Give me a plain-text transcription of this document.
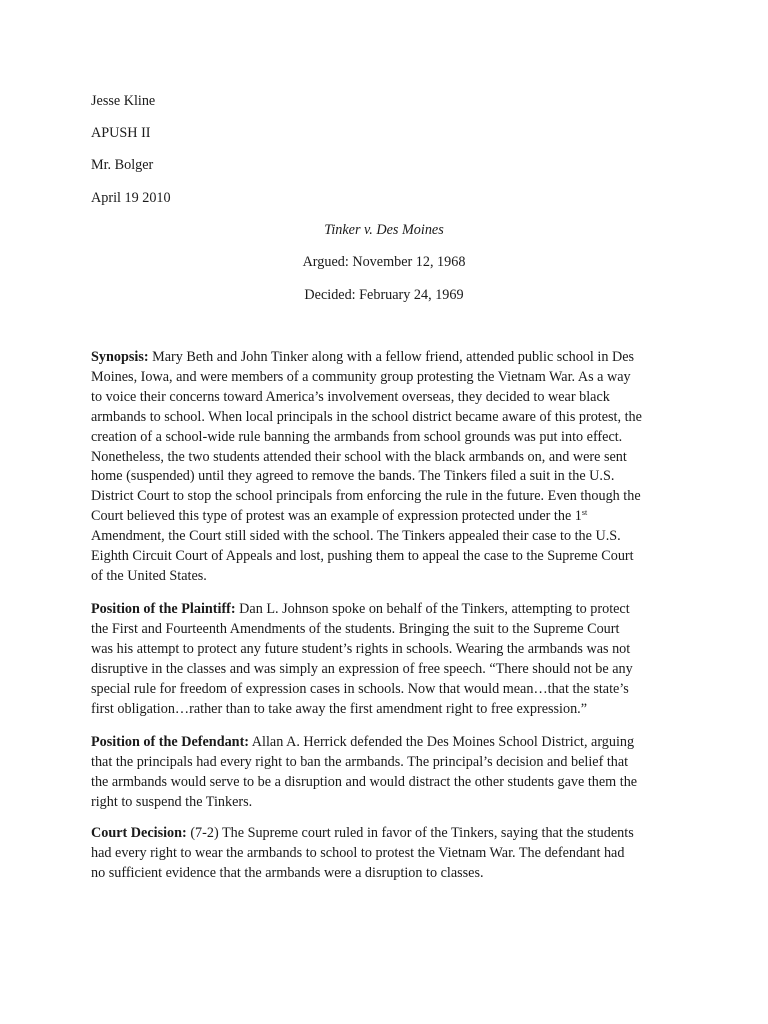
Jesse Kline
APUSH II
Mr. Bolger
April 19 2010
Tinker v. Des Moines
Argued: November 12, 1968
Decided: February 24, 1969
Synopsis: Mary Beth and John Tinker along with a fellow friend, attended public school in Des
Moines, Iowa, and were members of a community group protesting the Vietnam War. As a way
to voice their concerns toward America’s involvement overseas, they decided to wear black
armbands to school. When local principals in the school district became aware of this protest, the
creation of a school-wide rule banning the armbands from school grounds was put into effect.
Nonetheless, the two students attended their school with the black armbands on, and were sent
home (suspended) until they agreed to remove the bands. The Tinkers filed a suit in the U.S.
District Court to stop the school principals from enforcing the rule in the future. Even though the
Court believed this type of protest was an example of expression protected under the 1st
Amendment, the Court still sided with the school. The Tinkers appealed their case to the U.S.
Eighth Circuit Court of Appeals and lost, pushing them to appeal the case to the Supreme Court
of the United States.
Position of the Plaintiff: Dan L. Johnson spoke on behalf of the Tinkers, attempting to protect
the First and Fourteenth Amendments of the students. Bringing the suit to the Supreme Court
was his attempt to protect any future student’s rights in schools. Wearing the armbands was not
disruptive in the classes and was simply an expression of free speech. “There should not be any
special rule for freedom of expression cases in schools. Now that would mean…that the state’s
first obligation…rather than to take away the first amendment right to free expression.”
Position of the Defendant: Allan A. Herrick defended the Des Moines School District, arguing
that the principals had every right to ban the armbands. The principal’s decision and belief that
the armbands would serve to be a disruption and would distract the other students gave them the
right to suspend the Tinkers.
Court Decision: (7-2) The Supreme court ruled in favor of the Tinkers, saying that the students
had every right to wear the armbands to school to protest the Vietnam War. The defendant had
no sufficient evidence that the armbands were a disruption to classes.
